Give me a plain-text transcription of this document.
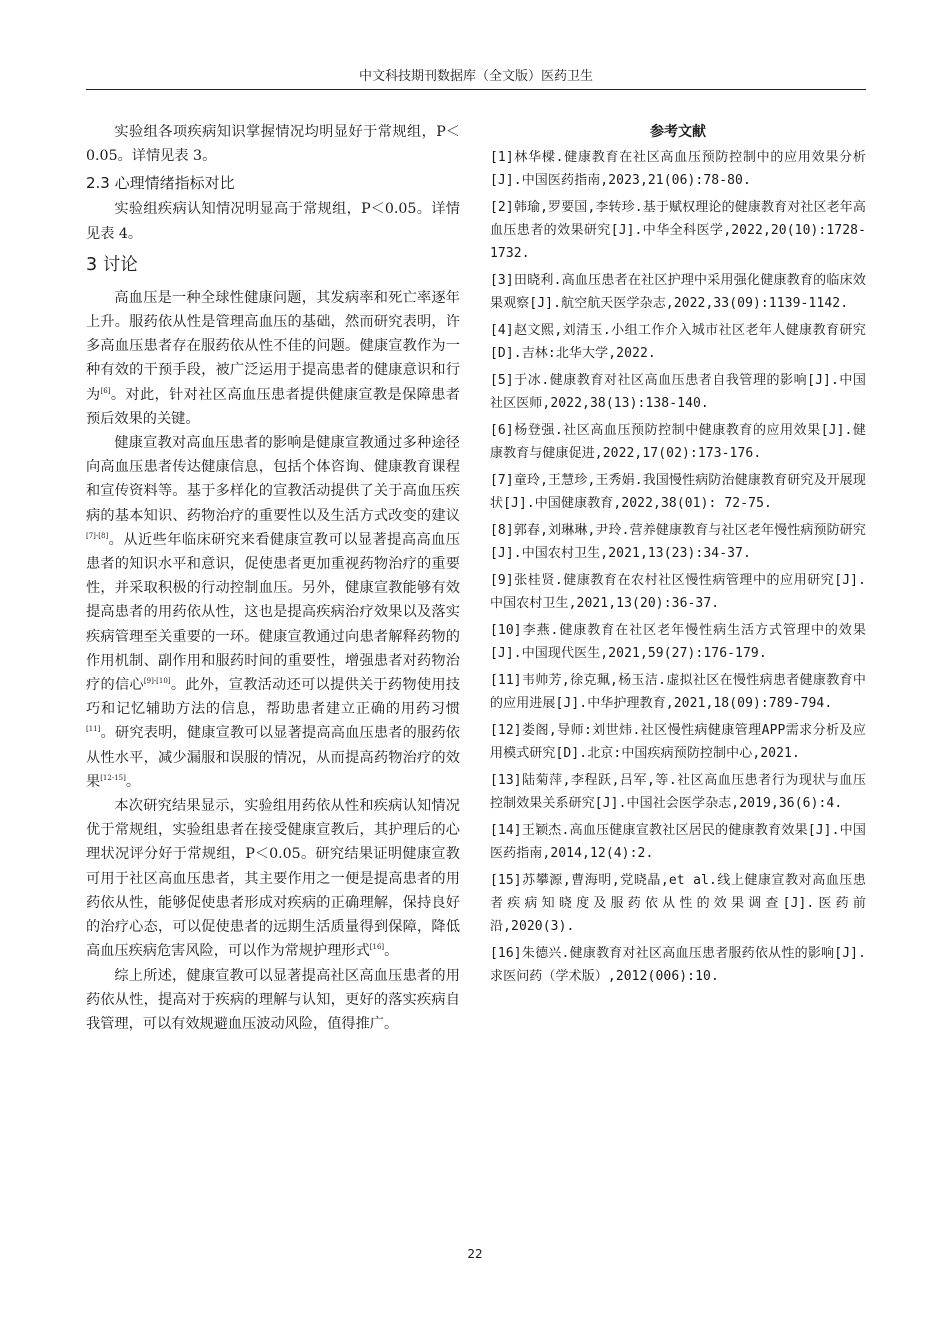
中文科技期刊数据库（全文版）医药卫生

实验组各项疾病知识掌握情况均明显好于常规组，P＜0.05。详情见表 3。

2.3 心理情绪指标对比

实验组疾病认知情况明显高于常规组，P＜0.05。详情见表 4。

3 讨论

高血压是一种全球性健康问题，其发病率和死亡率逐年上升。服药依从性是管理高血压的基础，然而研究表明，许多高血压患者存在服药依从性不佳的问题。健康宣教作为一种有效的干预手段，被广泛运用于提高患者的健康意识和行为[6]。对此，针对社区高血压患者提供健康宣教是保障患者预后效果的关键。

健康宣教对高血压患者的影响是健康宣教通过多种途径向高血压患者传达健康信息，包括个体咨询、健康教育课程和宣传资料等。基于多样化的宣教活动提供了关于高血压疾病的基本知识、药物治疗的重要性以及生活方式改变的建议[7]-[8]。从近些年临床研究来看健康宣教可以显著提高高血压患者的知识水平和意识，促使患者更加重视药物治疗的重要性，并采取积极的行动控制血压。另外，健康宣教能够有效提高患者的用药依从性，这也是提高疾病治疗效果以及落实疾病管理至关重要的一环。健康宣教通过向患者解释药物的作用机制、副作用和服药时间的重要性，增强患者对药物治疗的信心[9]-[10]。此外，宣教活动还可以提供关于药物使用技巧和记忆辅助方法的信息，帮助患者建立正确的用药习惯[11]。研究表明，健康宣教可以显著提高高血压患者的服药依从性水平，减少漏服和误服的情况，从而提高药物治疗的效果[12-15]。

本次研究结果显示，实验组用药依从性和疾病认知情况优于常规组，实验组患者在接受健康宣教后，其护理后的心理状况评分好于常规组，P＜0.05。研究结果证明健康宣教可用于社区高血压患者，其主要作用之一便是提高患者的用药依从性，能够促使患者形成对疾病的正确理解，保持良好的治疗心态，可以促使患者的远期生活质量得到保障，降低高血压疾病危害风险，可以作为常规护理形式[16]。

综上所述，健康宣教可以显著提高社区高血压患者的用药依从性，提高对于疾病的理解与认知，更好的落实疾病自我管理，可以有效规避血压波动风险，值得推广。

参考文献
[1]林华樑.健康教育在社区高血压预防控制中的应用效果分析[J].中国医药指南,2023,21(06):78-80.
[2]韩瑜,罗要国,李转珍.基于赋权理论的健康教育对社区老年高血压患者的效果研究[J].中华全科医学,2022,20(10):1728-1732.
[3]田晓利.高血压患者在社区护理中采用强化健康教育的临床效果观察[J].航空航天医学杂志,2022,33(09):1139-1142.
[4]赵文熙,刘清玉.小组工作介入城市社区老年人健康教育研究[D].吉林:北华大学,2022.
[5]于冰.健康教育对社区高血压患者自我管理的影响[J].中国社区医师,2022,38(13):138-140.
[6]杨登强.社区高血压预防控制中健康教育的应用效果[J].健康教育与健康促进,2022,17(02):173-176.
[7]童玲,王慧珍,王秀娟.我国慢性病防治健康教育研究及开展现状[J].中国健康教育,2022,38(01): 72-75.
[8]郭春,刘琳琳,尹玲.营养健康教育与社区老年慢性病预防研究[J].中国农村卫生,2021,13(23):34-37.
[9]张桂贤.健康教育在农村社区慢性病管理中的应用研究[J].中国农村卫生,2021,13(20):36-37.
[10]李燕.健康教育在社区老年慢性病生活方式管理中的效果[J].中国现代医生,2021,59(27):176-179.
[11]韦帅芳,徐克珮,杨玉洁.虚拟社区在慢性病患者健康教育中的应用进展[J].中华护理教育,2021,18(09):789-794.
[12]娄阁,导师:刘世炜.社区慢性病健康管理APP需求分析及应用模式研究[D].北京:中国疾病预防控制中心,2021.
[13]陆菊萍,李程跃,吕军,等.社区高血压患者行为现状与血压控制效果关系研究[J].中国社会医学杂志,2019,36(6):4.
[14]王颖杰.高血压健康宣教社区居民的健康教育效果[J].中国医药指南,2014,12(4):2.
[15]苏攀源,曹海明,党晓晶,et al.线上健康宣教对高血压患者疾病知晓度及服药依从性的效果调查[J].医药前沿,2020(3).
[16]朱德兴.健康教育对社区高血压患者服药依从性的影响[J].求医问药（学术版）,2012(006):10.
22
